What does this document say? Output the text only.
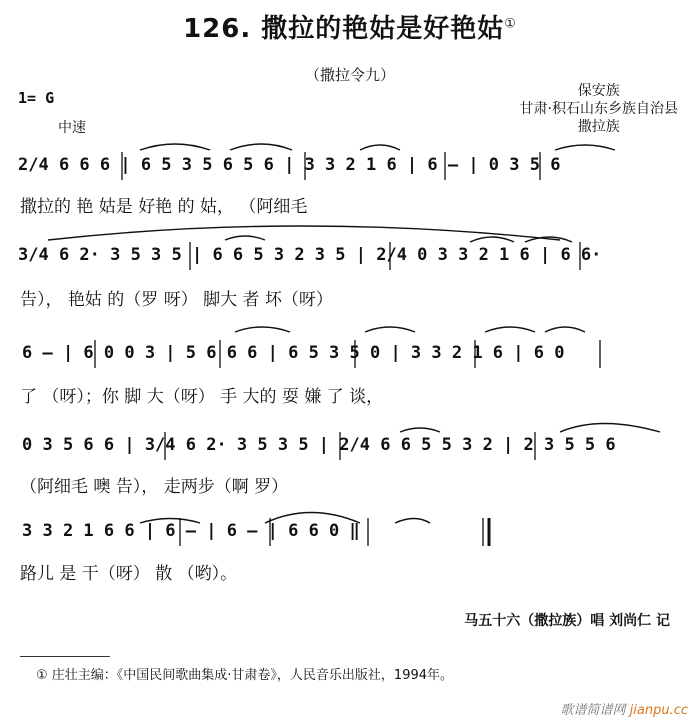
126. 撒拉的艳姑是好艳姑①
（撒拉令九）
1= G
中速
保安族
甘肃·积石山东乡族自治县
撒拉族
2/4 6 6 6 | 6 5 3 5 6 5 6 | 3 3 2 1 6 | 6 — | 0 3 5 6
撒拉的 艳 姑是 好艳 的 姑， （阿细毛
3/4 6 2· 3 5 3 5 | 6 6 5 3 2 3 5 | 2/4 0 3 3 2 1 6 | 6 6·
告）， 艳姑 的（罗 呀） 脚大 者 坏（呀）
6 — | 6 0 0 3 | 5 6 6 6 | 6 5 3 5 0 | 3 3 2 1 6 | 6 0
了 （呀）；你 脚 大（呀） 手 大的 耍 嫌 了 谈，
0 3 5 6 6 | 3/4 6 2· 3 5 3 5 | 2/4 6 6 5 5 3 2 | 2 3 5 5 6
（阿细毛 噢 告）， 走两步（啊 罗）
3 3 2 1 6 6 | 6 — | 6 — | 6 6 0 ‖
路儿 是 干（呀） 散 （哟）。
马五十六（撒拉族）唱 刘尚仁 记
① 庄壮主编：《中国民间歌曲集成·甘肃卷》，人民音乐出版社，1994年。
歌谱简谱网 jianpu.cc
